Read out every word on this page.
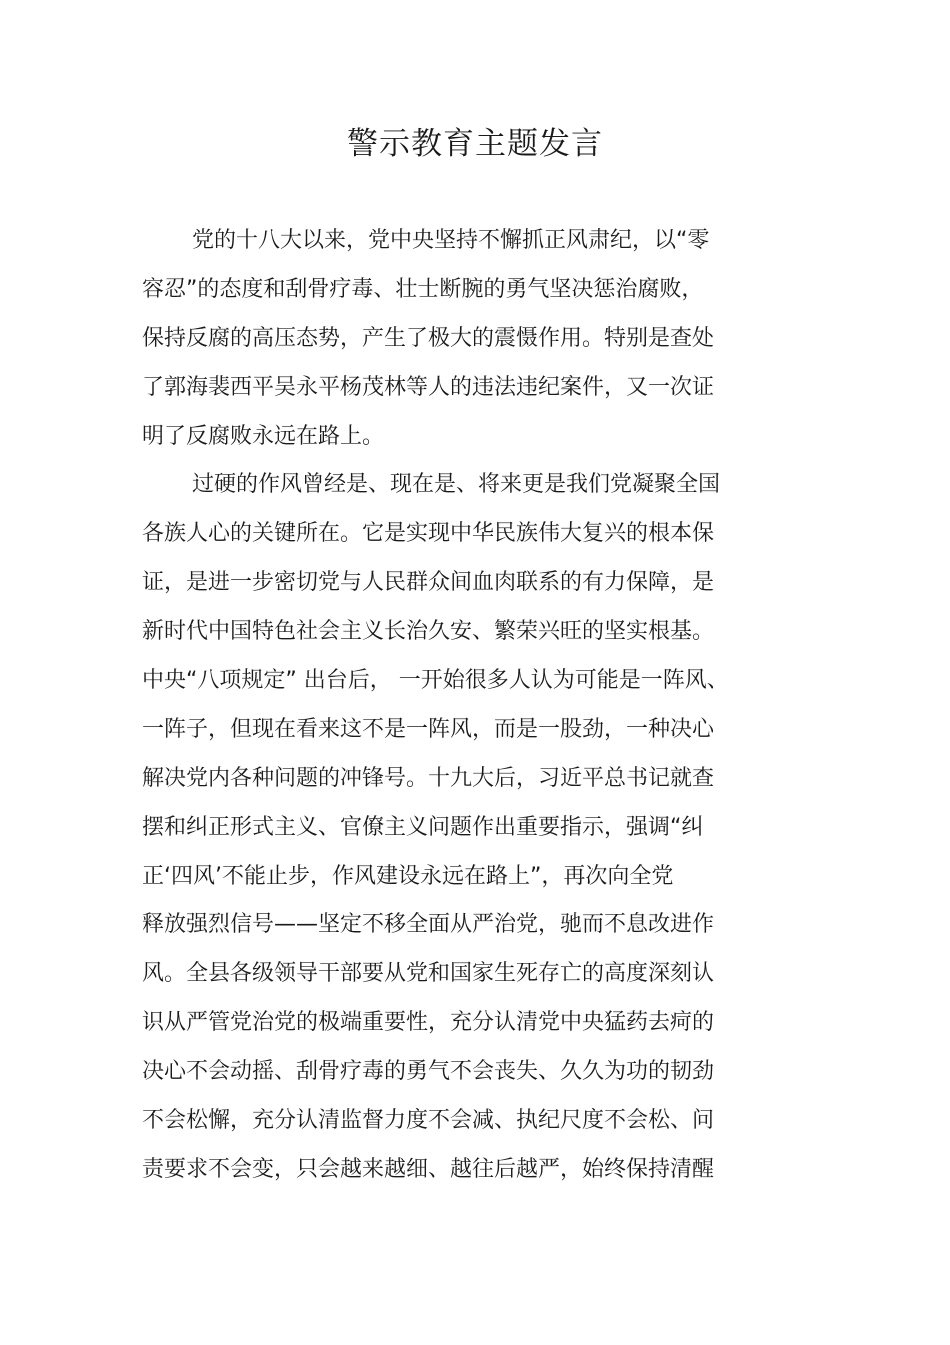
警示教育主题发言
党的十八大以来，党中央坚持不懈抓正风肃纪，以“零
容忍”的态度和刮骨疗毒、壮士断腕的勇气坚决惩治腐败，
保持反腐的高压态势，产生了极大的震慑作用。特别是查处
了郭海裴西平吴永平杨茂林等人的违法违纪案件，又一次证
明了反腐败永远在路上。
过硬的作风曾经是、现在是、将来更是我们党凝聚全国
各族人心的关键所在。它是实现中华民族伟大复兴的根本保
证，是进一步密切党与人民群众间血肉联系的有力保障，是
新时代中国特色社会主义长治久安、繁荣兴旺的坚实根基。
中央“八项规定” 出台后， 一开始很多人认为可能是一阵风、
一阵子，但现在看来这不是一阵风，而是一股劲，一种决心
解决党内各种问题的冲锋号。十九大后，习近平总书记就查
摆和纠正形式主义、官僚主义问题作出重要指示，强调“纠
正‘四风’不能止步，作风建设永远在路上”，再次向全党
释放强烈信号——坚定不移全面从严治党，驰而不息改进作
风。全县各级领导干部要从党和国家生死存亡的高度深刻认
识从严管党治党的极端重要性，充分认清党中央猛药去疴的
决心不会动摇、刮骨疗毒的勇气不会丧失、久久为功的韧劲
不会松懈，充分认清监督力度不会减、执纪尺度不会松、问
责要求不会变，只会越来越细、越往后越严，始终保持清醒
